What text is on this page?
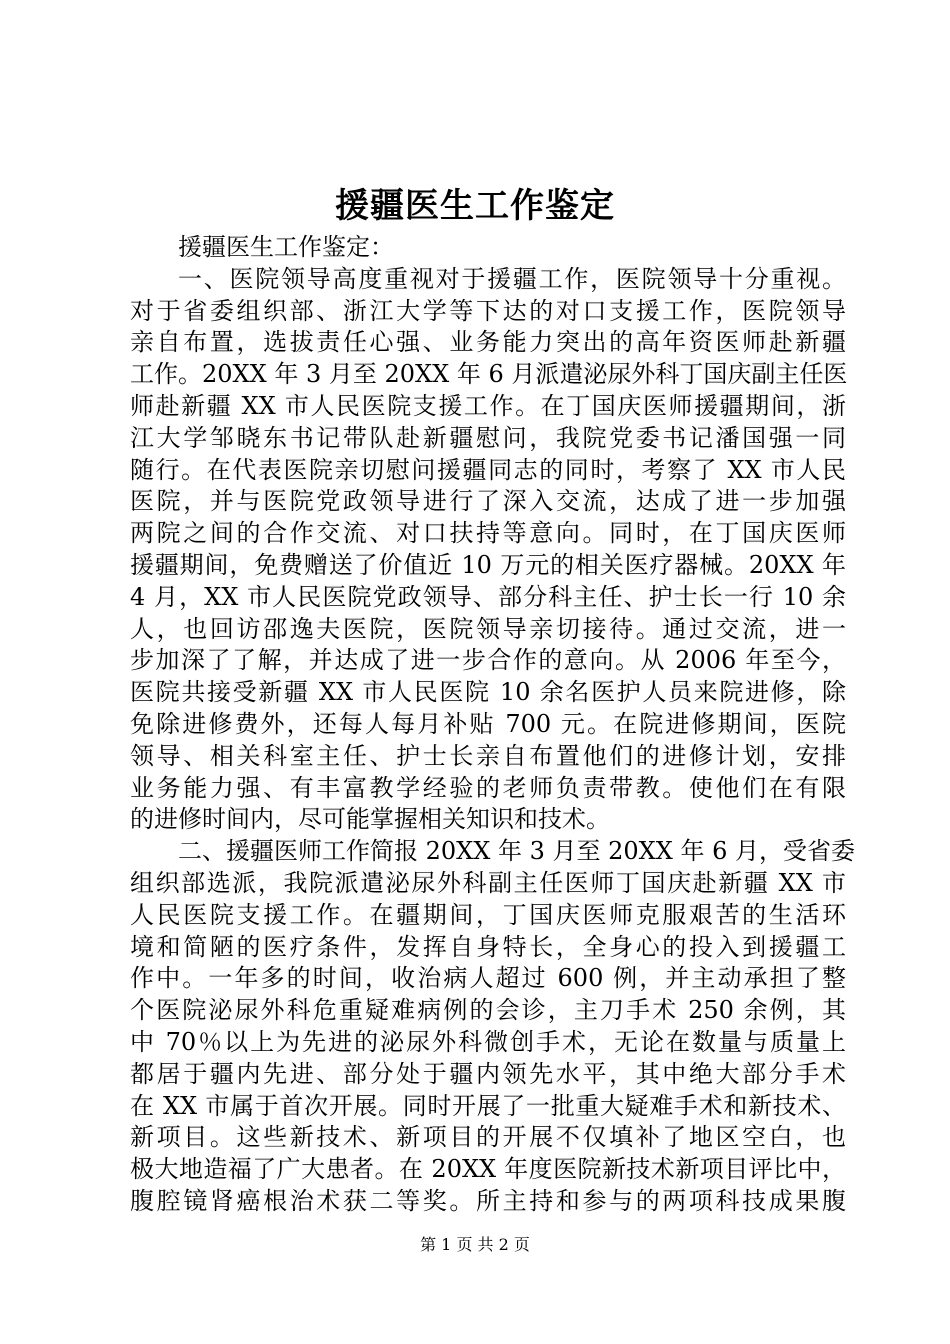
援疆医生工作鉴定
援疆医生工作鉴定：
一、医院领导高度重视对于援疆工作，医院领导十分重视。
对于省委组织部、浙江大学等下达的对口支援工作，医院领导
亲自布置，选拔责任心强、业务能力突出的高年资医师赴新疆
工作。20XX 年 3 月至 20XX 年 6 月派遣泌尿外科丁国庆副主任医
师赴新疆 XX 市人民医院支援工作。在丁国庆医师援疆期间，浙
江大学邹晓东书记带队赴新疆慰问，我院党委书记潘国强一同
随行。在代表医院亲切慰问援疆同志的同时，考察了 XX 市人民
医院，并与医院党政领导进行了深入交流，达成了进一步加强
两院之间的合作交流、对口扶持等意向。同时，在丁国庆医师
援疆期间，免费赠送了价值近 10 万元的相关医疗器械。20XX 年
4 月，XX 市人民医院党政领导、部分科主任、护士长一行 10 余
人，也回访邵逸夫医院，医院领导亲切接待。通过交流，进一
步加深了了解，并达成了进一步合作的意向。从 2006 年至今，
医院共接受新疆 XX 市人民医院 10 余名医护人员来院进修，除
免除进修费外，还每人每月补贴 700 元。在院进修期间，医院
领导、相关科室主任、护士长亲自布置他们的进修计划，安排
业务能力强、有丰富教学经验的老师负责带教。使他们在有限
的进修时间内，尽可能掌握相关知识和技术。
二、援疆医师工作简报 20XX 年 3 月至 20XX 年 6 月，受省委
组织部选派，我院派遣泌尿外科副主任医师丁国庆赴新疆 XX 市
人民医院支援工作。在疆期间，丁国庆医师克服艰苦的生活环
境和简陋的医疗条件，发挥自身特长，全身心的投入到援疆工
作中。一年多的时间，收治病人超过 600 例，并主动承担了整
个医院泌尿外科危重疑难病例的会诊，主刀手术 250 余例，其
中 70％以上为先进的泌尿外科微创手术，无论在数量与质量上
都居于疆内先进、部分处于疆内领先水平，其中绝大部分手术
在 XX 市属于首次开展。同时开展了一批重大疑难手术和新技术、
新项目。这些新技术、新项目的开展不仅填补了地区空白，也
极大地造福了广大患者。在 20XX 年度医院新技术新项目评比中，
腹腔镜肾癌根治术获二等奖。所主持和参与的两项科技成果腹
第 1 页 共 2 页
